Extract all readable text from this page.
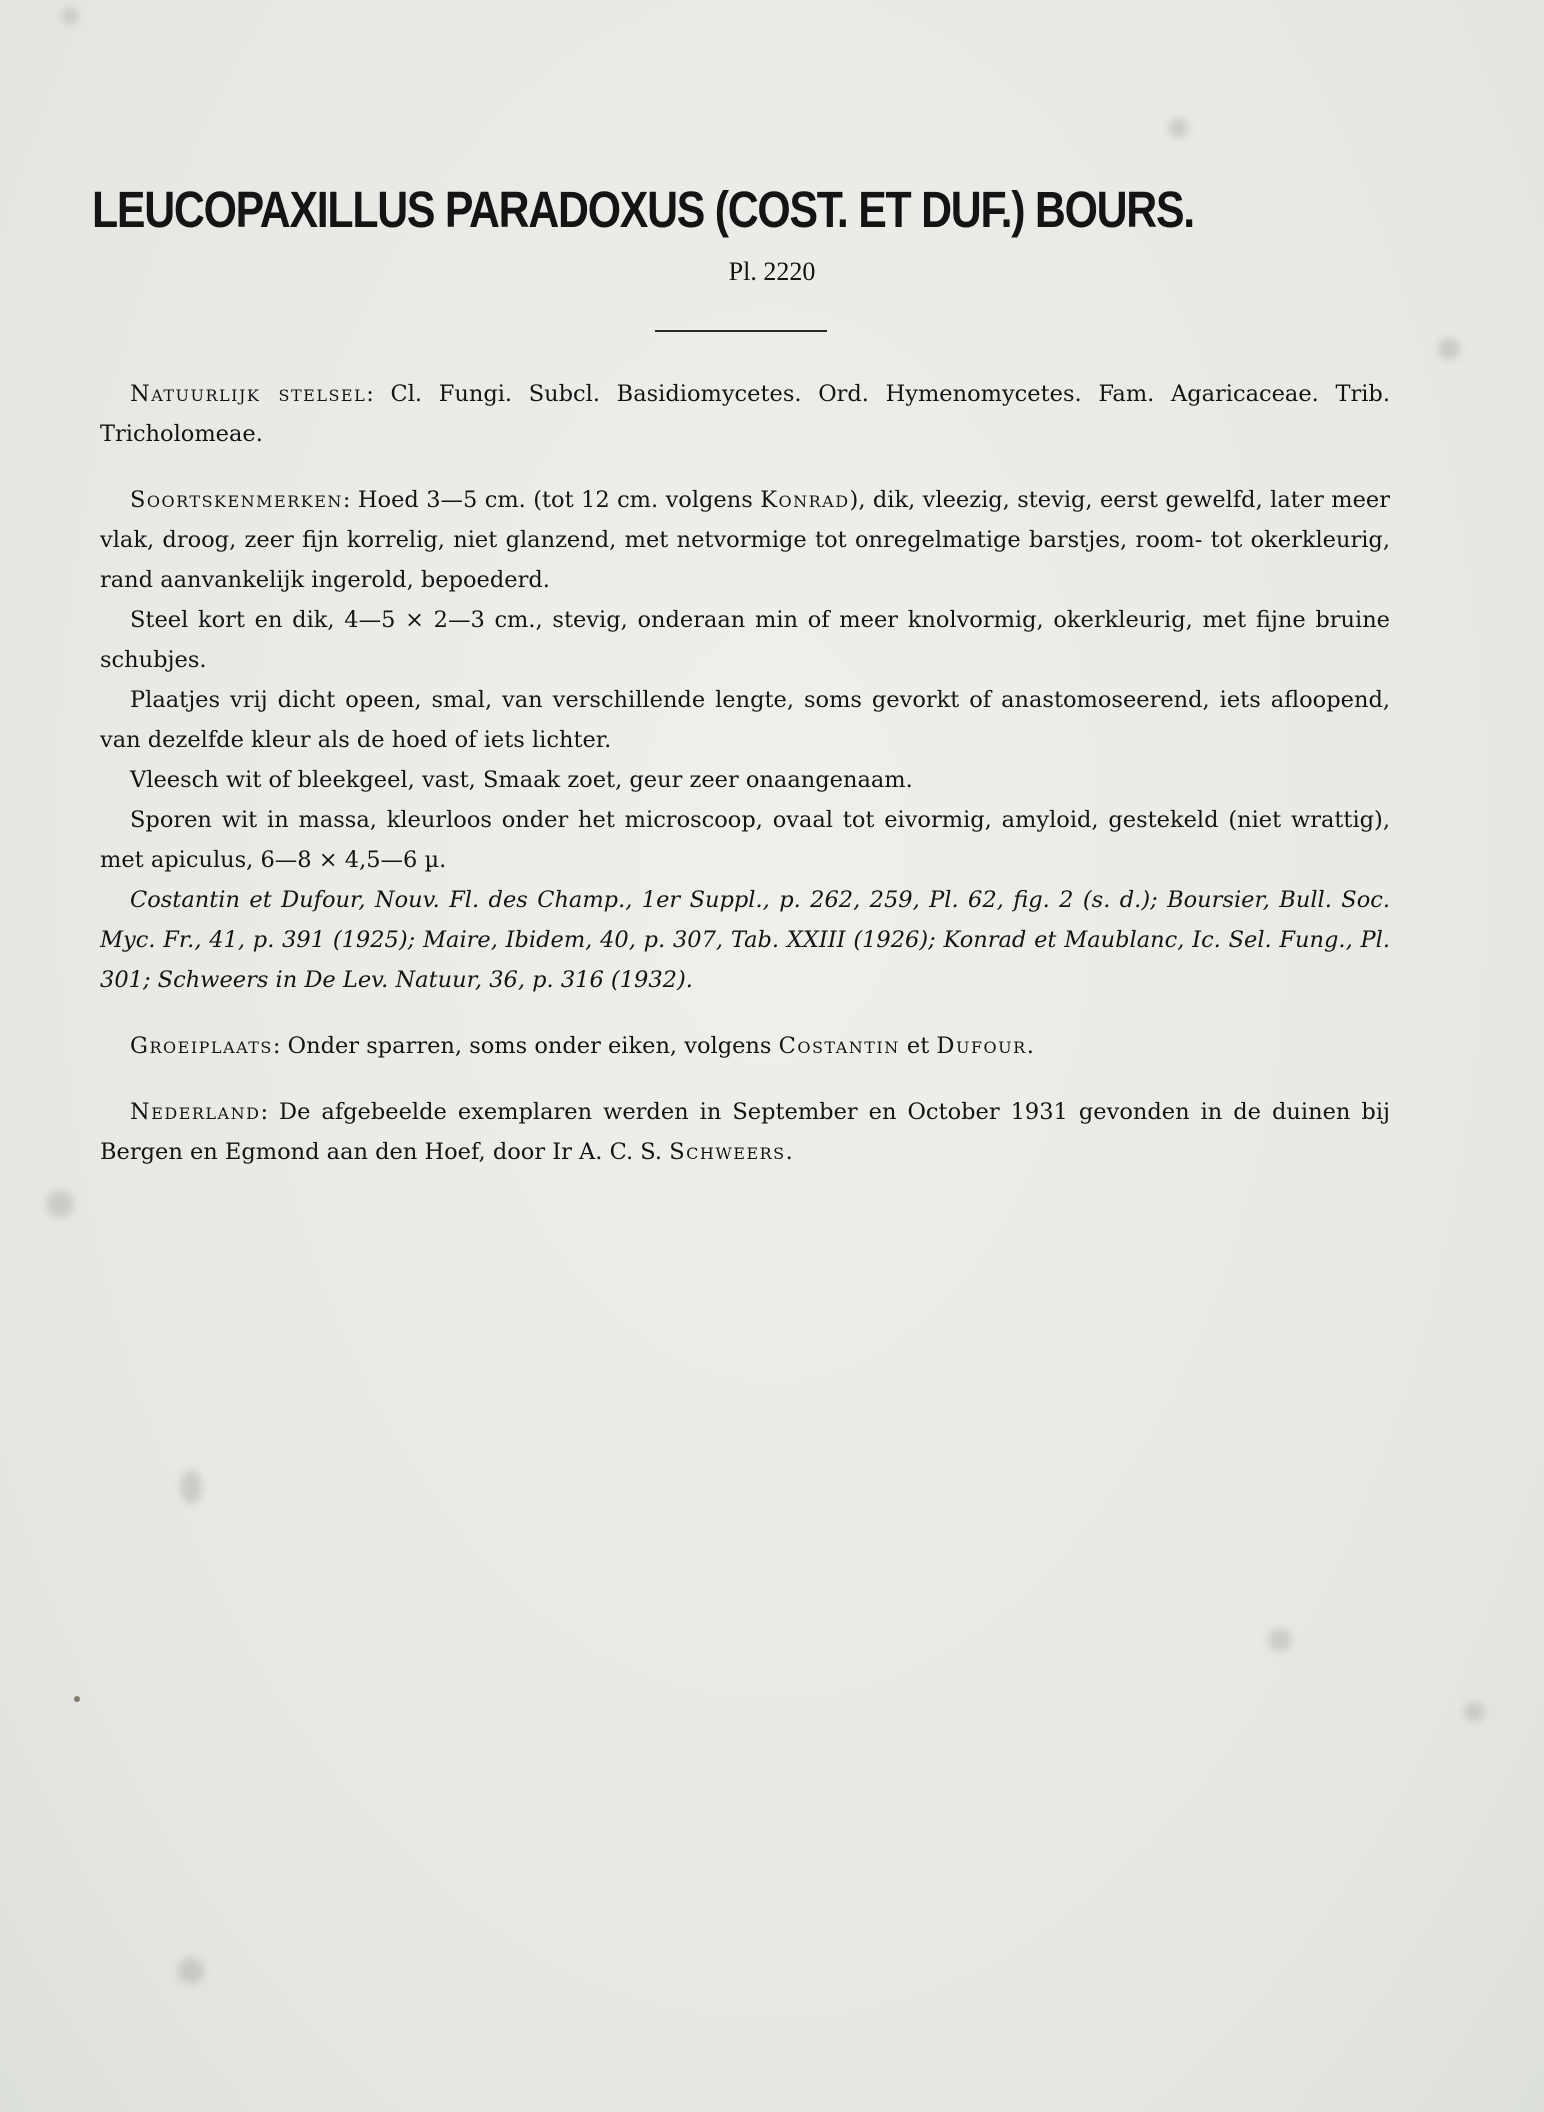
LEUCOPAXILLUS PARADOXUS (COST. ET DUF.) BOURS.
Pl. 2220

Natuurlijk stelsel: Cl. Fungi. Subcl. Basidiomycetes. Ord. Hymenomycetes. Fam. Agaricaceae. Trib. Tricholomeae.

Soortskenmerken: Hoed 3—5 cm. (tot 12 cm. volgens Konrad), dik, vleezig, stevig, eerst gewelfd, later meer vlak, droog, zeer fijn korrelig, niet glanzend, met netvormige tot onregelmatige barstjes, room- tot okerkleurig, rand aanvankelijk ingerold, bepoederd.

Steel kort en dik, 4—5 × 2—3 cm., stevig, onderaan min of meer knolvormig, okerkleurig, met fijne bruine schubjes.

Plaatjes vrij dicht opeen, smal, van verschillende lengte, soms gevorkt of anastomoseerend, iets afloopend, van dezelfde kleur als de hoed of iets lichter.

Vleesch wit of bleekgeel, vast, Smaak zoet, geur zeer onaangenaam.

Sporen wit in massa, kleurloos onder het microscoop, ovaal tot eivormig, amyloid, gestekeld (niet wrattig), met apiculus, 6—8 × 4,5—6 µ.

Costantin et Dufour, Nouv. Fl. des Champ., 1er Suppl., p. 262, 259, Pl. 62, fig. 2 (s. d.); Boursier, Bull. Soc. Myc. Fr., 41, p. 391 (1925); Maire, Ibidem, 40, p. 307, Tab. XXIII (1926); Konrad et Maublanc, Ic. Sel. Fung., Pl. 301; Schweers in De Lev. Natuur, 36, p. 316 (1932).

Groeiplaats: Onder sparren, soms onder eiken, volgens Costantin et Dufour.

Nederland: De afgebeelde exemplaren werden in September en October 1931 gevonden in de duinen bij Bergen en Egmond aan den Hoef, door Ir A. C. S. Schweers.
